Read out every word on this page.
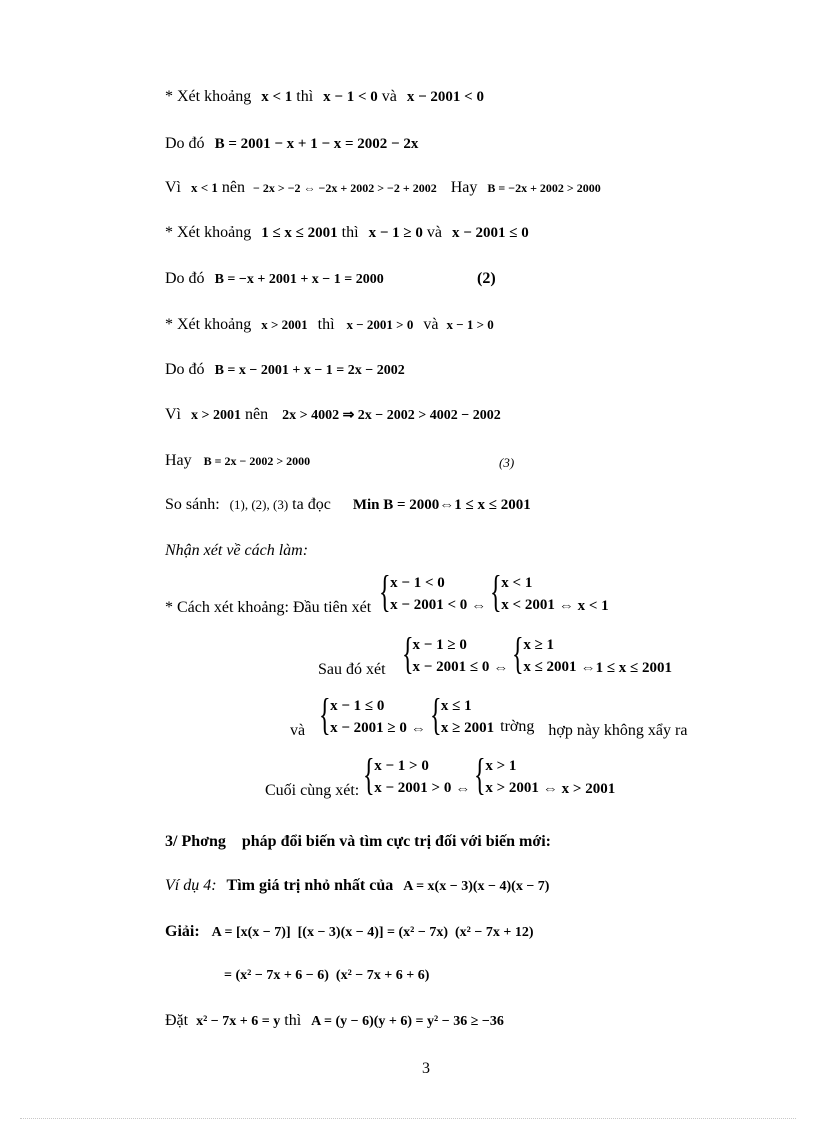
* Xét khoảng x < 1 thì x − 1 < 0 và x − 2001 < 0
Do đó B = 2001 − x + 1 − x = 2002 − 2x
Vì x < 1 nên − 2x > −2 ⇔ −2x + 2002 > −2 + 2002 Hay B = −2x + 2002 > 2000
* Xét khoảng 1 ≤ x ≤ 2001 thì x − 1 ≥ 0 và x − 2001 ≤ 0
Do đó B = −x + 2001 + x − 1 = 2000	(2)
* Xét khoảng x > 2001 thì x − 2001 > 0 và x − 1 > 0
Do đó B = x − 2001 + x − 1 = 2x − 2002
Vì x > 2001 nên 2x > 4002 ⇒ 2x − 2002 > 4002 − 2002
Hay B = 2x − 2002 > 2000	(3)
So sánh: (1), (2), (3) ta đọc Min B = 2000⇔1 ≤ x ≤ 2001
Nhận xét về cách làm:
* Cách xét khoảng: Đầu tiên xét { x − 1 < 0
x − 2001 < 0 ⇔ { x < 1
x < 2001 ⇔ x < 1
Sau đó xét { x − 1 ≥ 0
x − 2001 ≤ 0 ⇔ { x ≥ 1
x ≤ 2001 ⇔1 ≤ x ≤ 2001
và { x − 1 ≤ 0
x − 2001 ≥ 0 ⇔ { x ≤ 1
x ≥ 2001 trờng hợp này không xẩy ra
Cuối cùng xét: { x − 1 > 0
x − 2001 > 0 ⇔ { x > 1
x > 2001 ⇔ x > 2001
3/ Phơng    pháp đổi biến và tìm cực trị đối với biến mới:
Ví dụ 4: Tìm giá trị nhỏ nhất của A = x(x − 3)(x − 4)(x − 7)
Giải: A = [x(x − 7)]  [(x − 3)(x − 4)] = (x² − 7x)  (x² − 7x + 12)
= (x² − 7x + 6 − 6)  (x² − 7x + 6 + 6)
Đặt x² − 7x + 6 = y thì A = (y − 6)(y + 6) = y² − 36 ≥ −36
3
